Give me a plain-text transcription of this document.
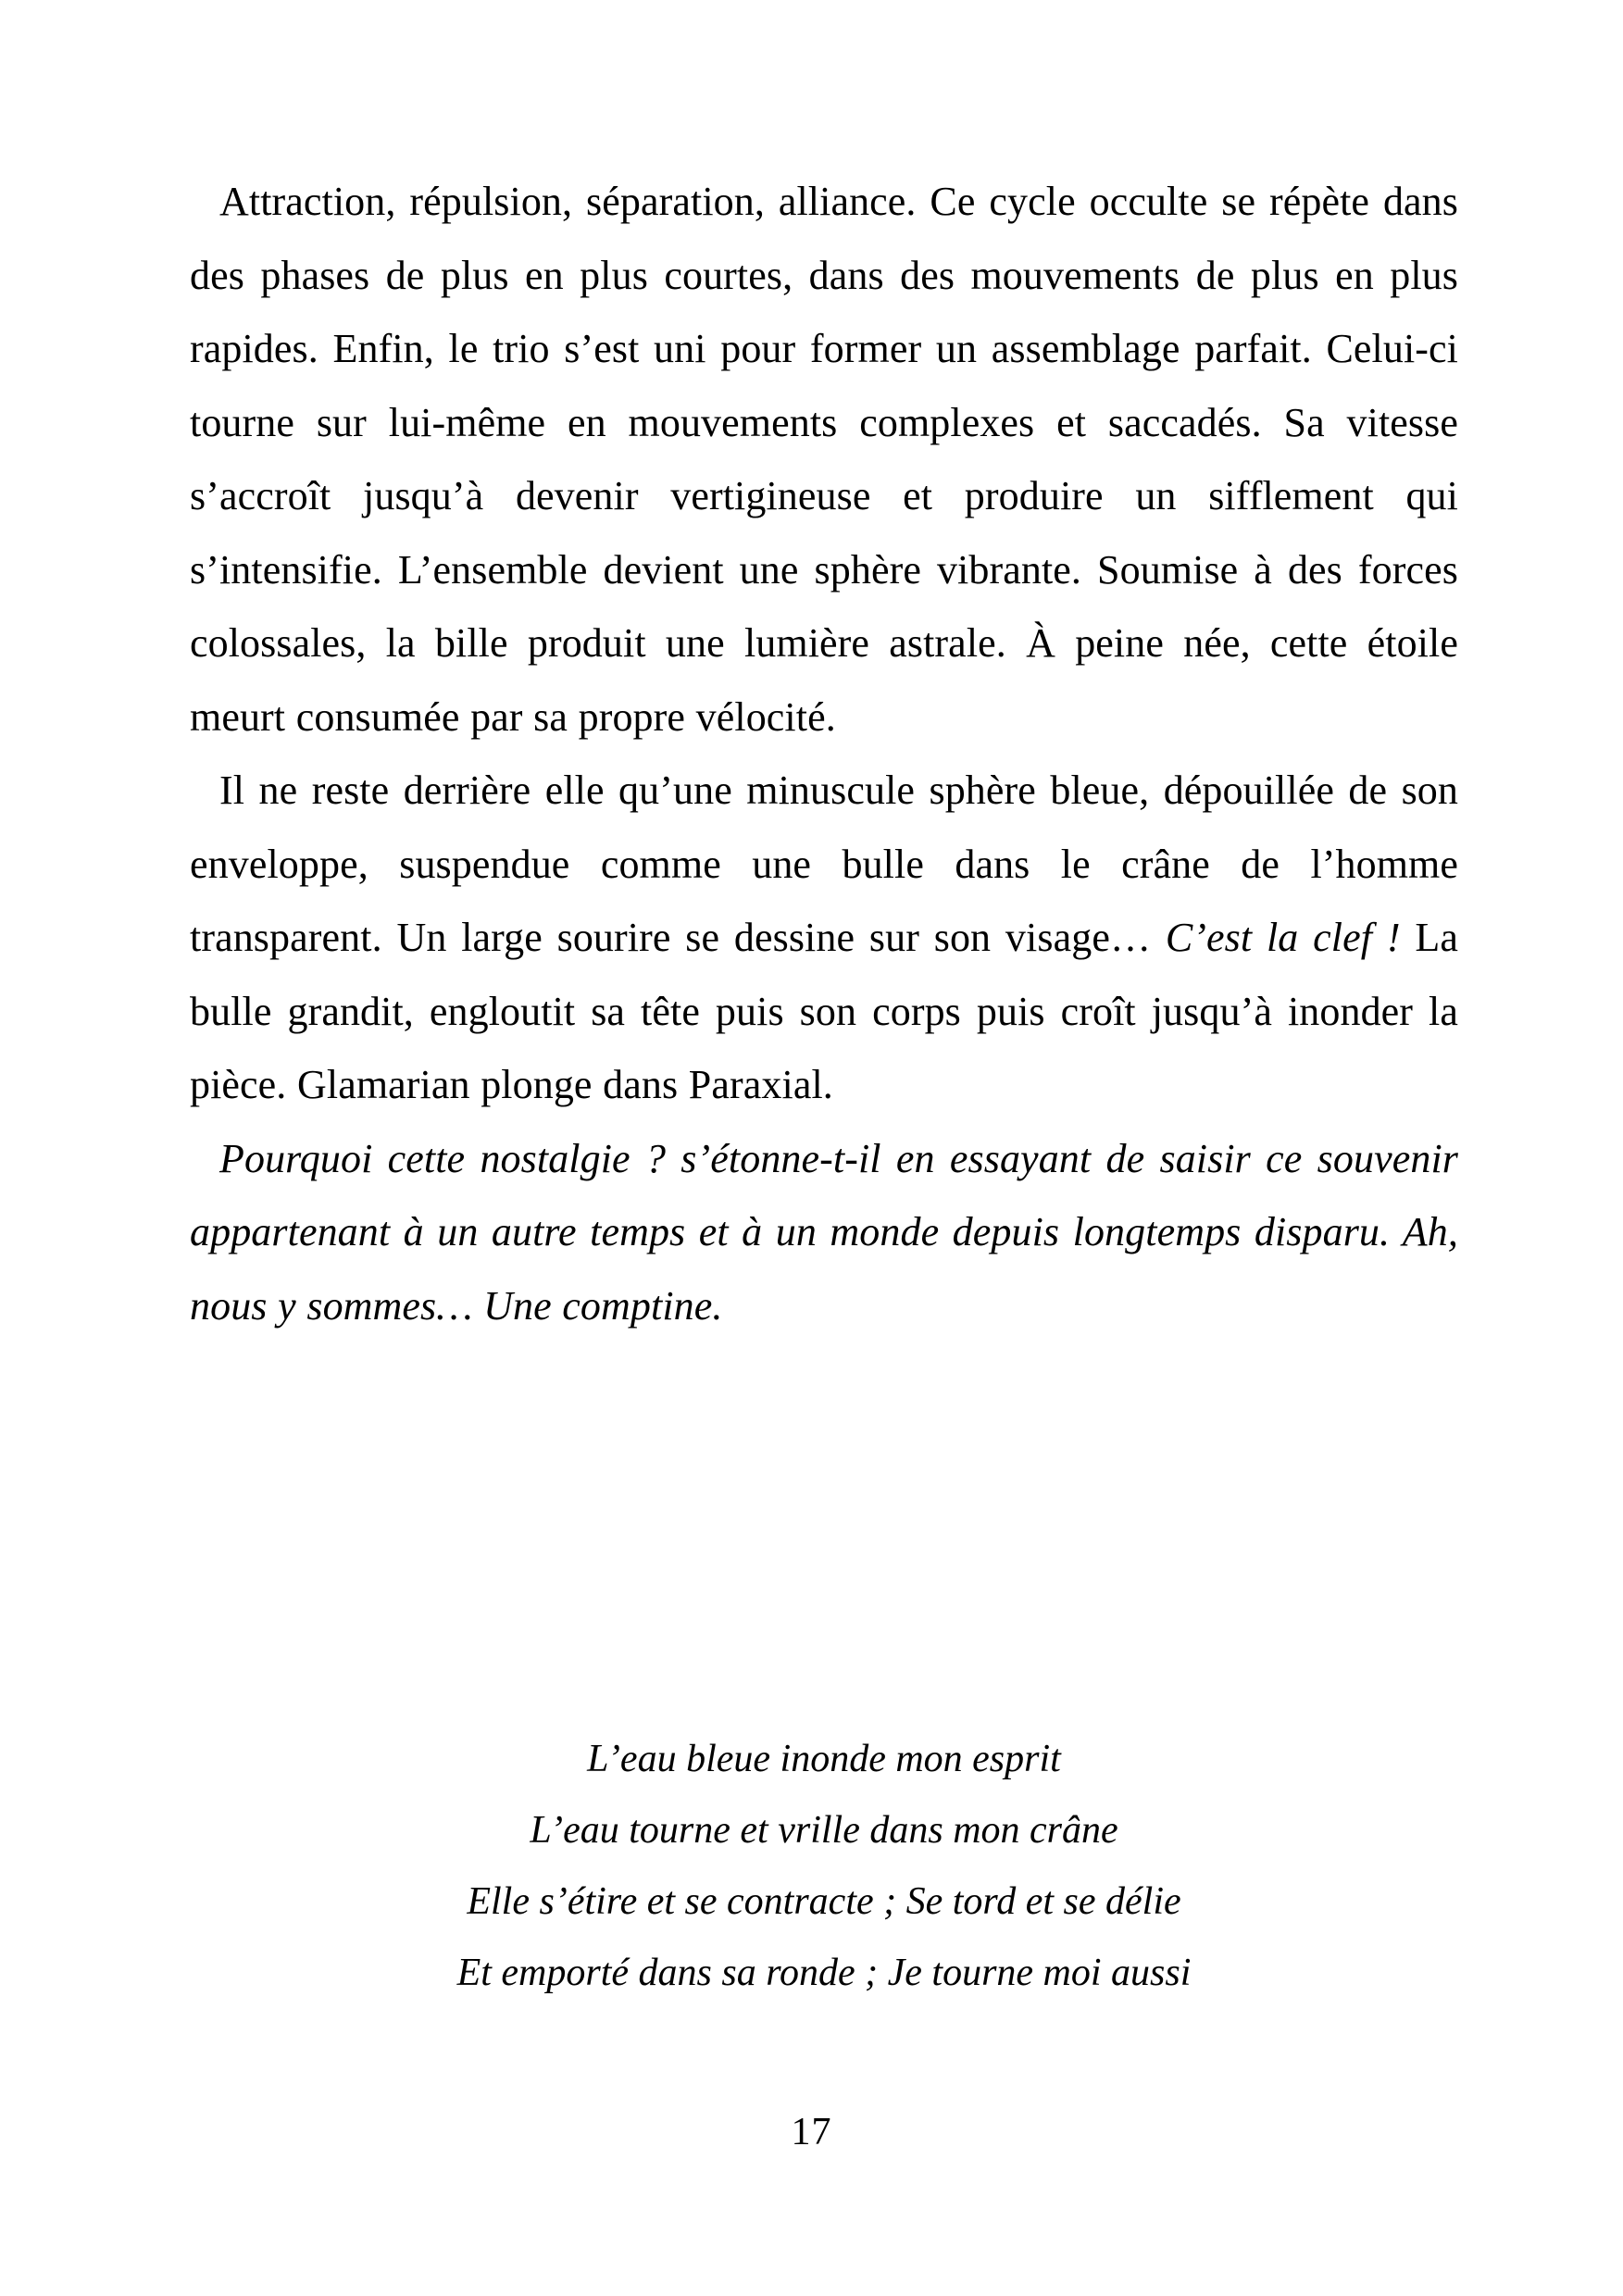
Attraction, répulsion, séparation, alliance. Ce cycle occulte se répète dans des phases de plus en plus courtes, dans des mouvements de plus en plus rapides. Enfin, le trio s’est uni pour former un assemblage parfait. Celui-ci tourne sur lui-même en mouvements complexes et saccadés. Sa vitesse s’accroît jusqu’à devenir vertigineuse et produire un sifflement qui s’intensifie. L’ensemble devient une sphère vibrante. Soumise à des forces colossales, la bille produit une lumière astrale. À peine née, cette étoile meurt consumée par sa propre vélocité.

Il ne reste derrière elle qu’une minuscule sphère bleue, dépouillée de son enveloppe, suspendue comme une bulle dans le crâne de l’homme transparent. Un large sourire se dessine sur son visage… C’est la clef ! La bulle grandit, engloutit sa tête puis son corps puis croît jusqu’à inonder la pièce. Glamarian plonge dans Paraxial.

Pourquoi cette nostalgie ? s’étonne-t-il en essayant de saisir ce souvenir appartenant à un autre temps et à un monde depuis longtemps disparu. Ah, nous y sommes… Une comptine.

L’eau bleue inonde mon esprit
L’eau tourne et vrille dans mon crâne
Elle s’étire et se contracte ; Se tord et se délie
Et emporté dans sa ronde ; Je tourne moi aussi
17
